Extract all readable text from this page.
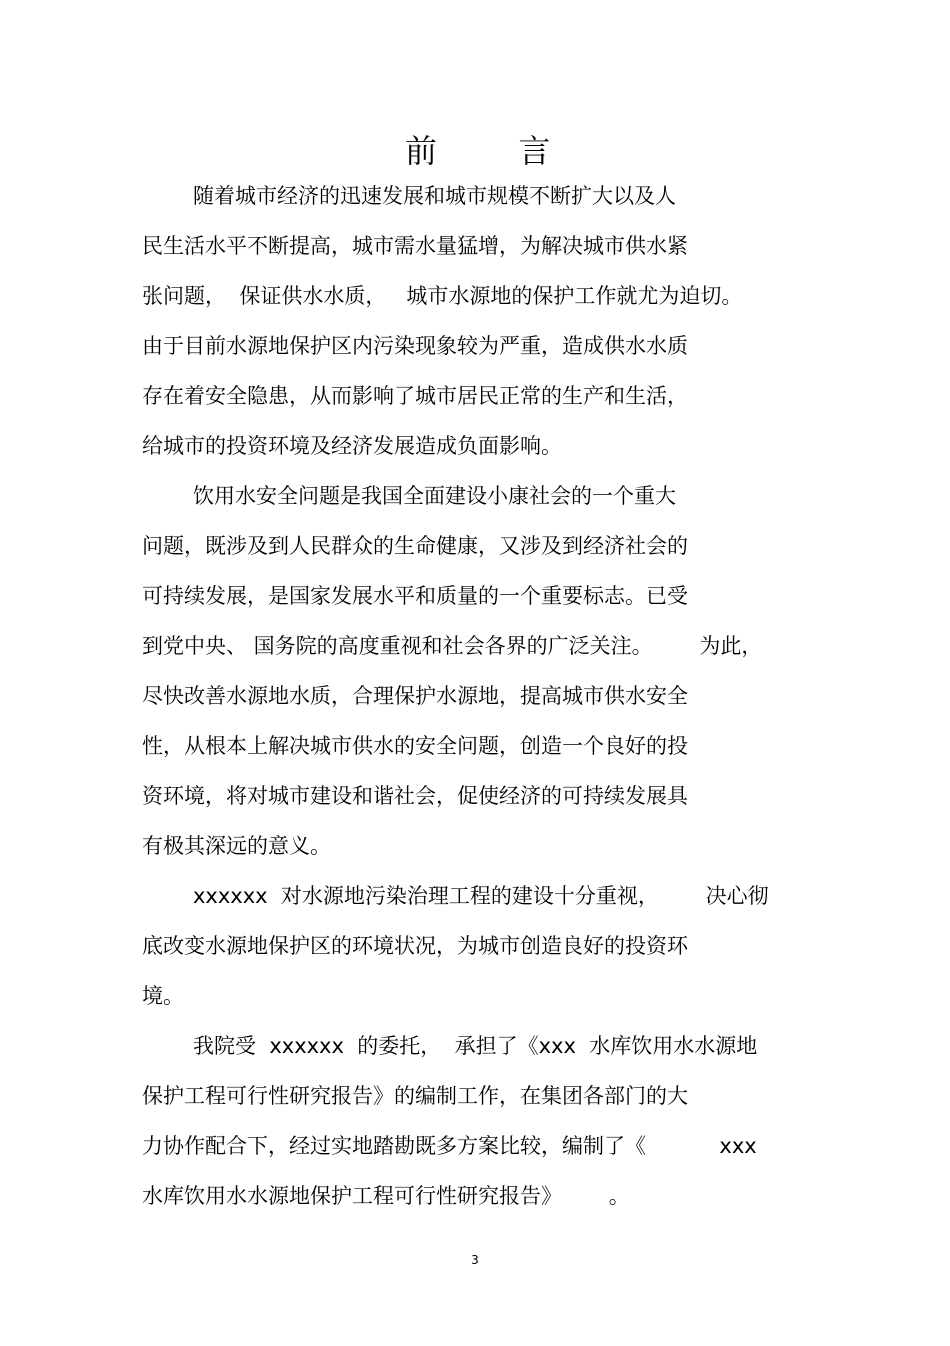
前        言
随着城市经济的迅速发展和城市规模不断扩大以及人
民生活水平不断提高，城市需水量猛增，为解决城市供水紧
张问题，  保证供水水质，   城市水源地的保护工作就尤为迫切。
由于目前水源地保护区内污染现象较为严重，造成供水水质
存在着安全隐患，从而影响了城市居民正常的生产和生活，
给城市的投资环境及经济发展造成负面影响。
饮用水安全问题是我国全面建设小康社会的一个重大
问题，既涉及到人民群众的生命健康，又涉及到经济社会的
可持续发展，是国家发展水平和质量的一个重要标志。已受
到党中央、 国务院的高度重视和社会各界的广泛关注。       为此，
尽快改善水源地水质，合理保护水源地，提高城市供水安全
性，从根本上解决城市供水的安全问题，创造一个良好的投
资环境，将对城市建设和谐社会，促使经济的可持续发展具
有极其深远的意义。
xxxxxx  对水源地污染治理工程的建设十分重视，       决心彻
底改变水源地保护区的环境状况，为城市创造良好的投资环
境。
我院受  xxxxxx  的委托，  承担了《xxx  水库饮用水水源地
保护工程可行性研究报告》的编制工作，在集团各部门的大
力协作配合下，经过实地踏勘既多方案比较，编制了《           xxx
水库饮用水水源地保护工程可行性研究报告》       。
3
